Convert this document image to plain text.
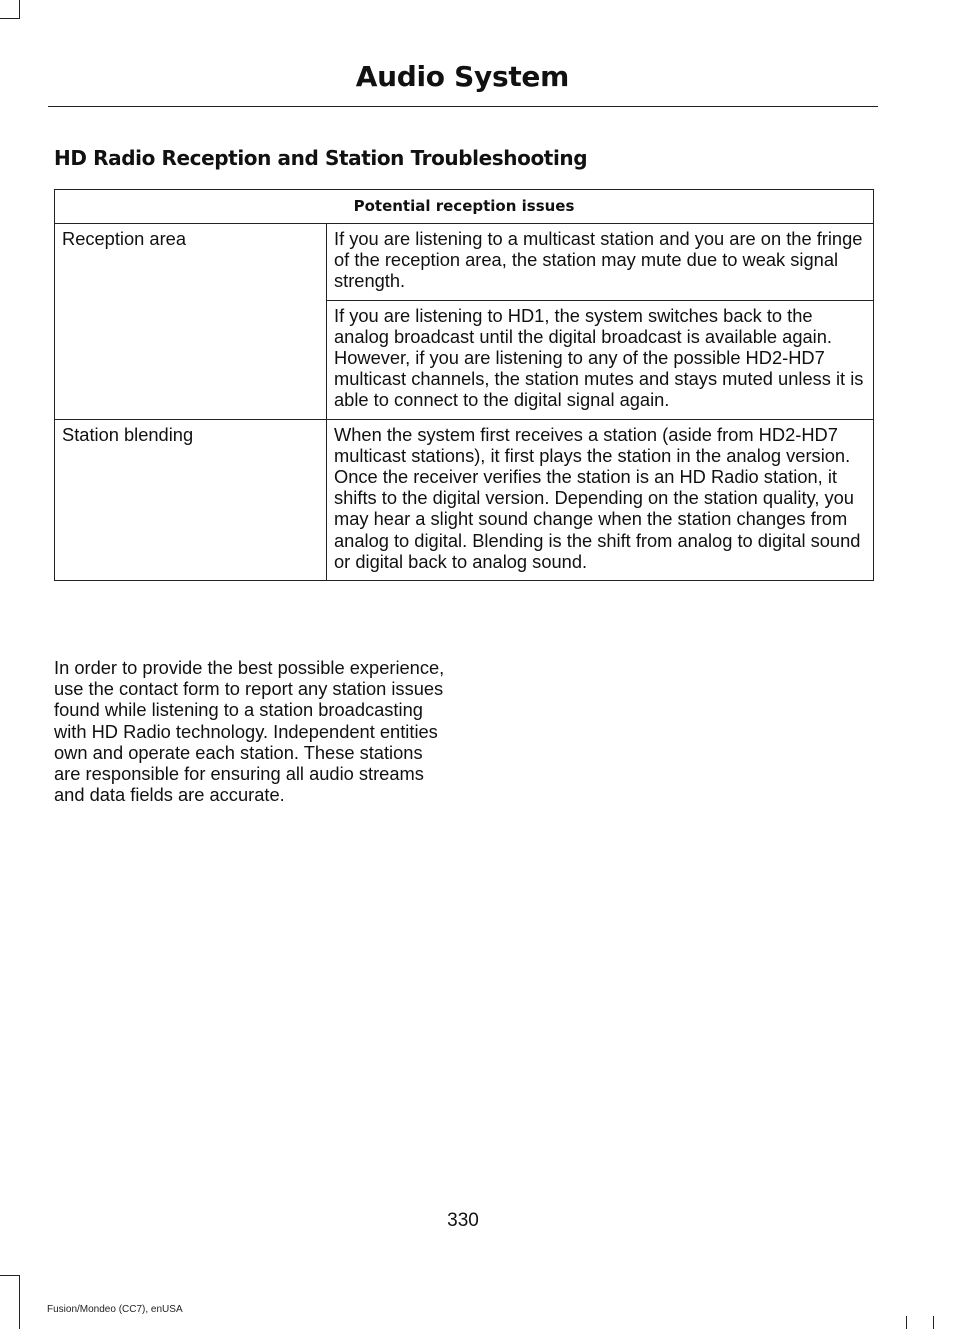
Audio System
HD Radio Reception and Station Troubleshooting
Potential reception issues	
Reception area	If you are listening to a multicast station and you are on the fringe of the reception area, the station may mute due to weak signal strength.
	If you are listening to HD1, the system switches back to the analog broadcast until the digital broadcast is available again. However, if you are listening to any of the possible HD2-HD7 multicast channels, the station mutes and stays muted unless it is able to connect to the digital signal again.
Station blending	When the system first receives a station (aside from HD2-HD7 multicast stations), it first plays the station in the analog version. Once the receiver verifies the station is an HD Radio station, it shifts to the digital version. Depending on the station quality, you may hear a slight sound change when the station changes from analog to digital. Blending is the shift from analog to digital sound or digital back to analog sound.

In order to provide the best possible experience, use the contact form to report any station issues found while listening to a station broadcasting with HD Radio technology. Independent entities own and operate each station. These stations are responsible for ensuring all audio streams and data fields are accurate.

330
Fusion/Mondeo (CC7), enUSA
